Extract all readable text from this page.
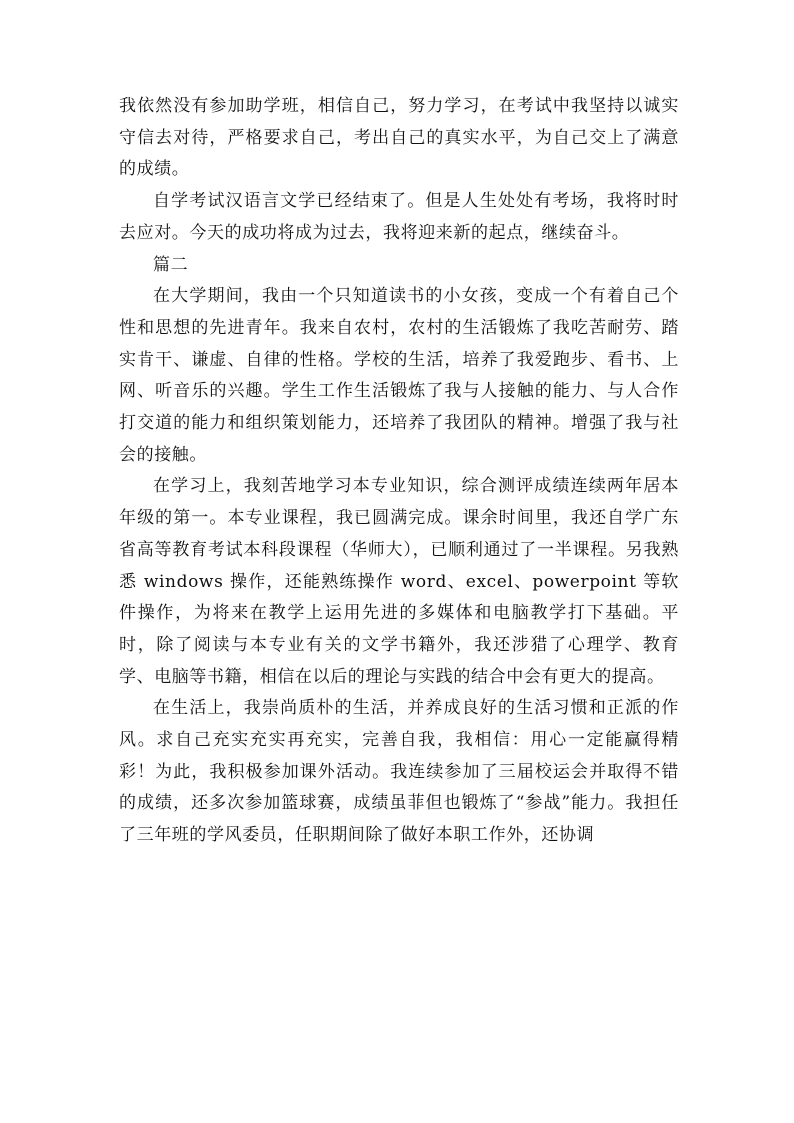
我依然没有参加助学班，相信自己，努力学习，在考试中我坚持以诚实守信去对待，严格要求自己，考出自己的真实水平，为自己交上了满意的成绩。

自学考试汉语言文学已经结束了。但是人生处处有考场，我将时时去应对。今天的成功将成为过去，我将迎来新的起点，继续奋斗。

篇二

在大学期间，我由一个只知道读书的小女孩，变成一个有着自己个性和思想的先进青年。我来自农村，农村的生活锻炼了我吃苦耐劳、踏实肯干、谦虚、自律的性格。学校的生活，培养了我爱跑步、看书、上网、听音乐的兴趣。学生工作生活锻炼了我与人接触的能力、与人合作打交道的能力和组织策划能力，还培养了我团队的精神。增强了我与社会的接触。

在学习上，我刻苦地学习本专业知识，综合测评成绩连续两年居本年级的第一。本专业课程，我已圆满完成。课余时间里，我还自学广东省高等教育考试本科段课程（华师大），已顺利通过了一半课程。另我熟悉 windows 操作，还能熟练操作 word、excel、powerpoint 等软件操作，为将来在教学上运用先进的多媒体和电脑教学打下基础。平时，除了阅读与本专业有关的文学书籍外，我还涉猎了心理学、教育学、电脑等书籍，相信在以后的理论与实践的结合中会有更大的提高。

在生活上，我崇尚质朴的生活，并养成良好的生活习惯和正派的作风。求自己充实充实再充实，完善自我，我相信：用心一定能赢得精彩！为此，我积极参加课外活动。我连续参加了三届校运会并取得不错的成绩，还多次参加篮球赛，成绩虽菲但也锻炼了“参战”能力。我担任了三年班的学风委员，任职期间除了做好本职工作外，还协调
